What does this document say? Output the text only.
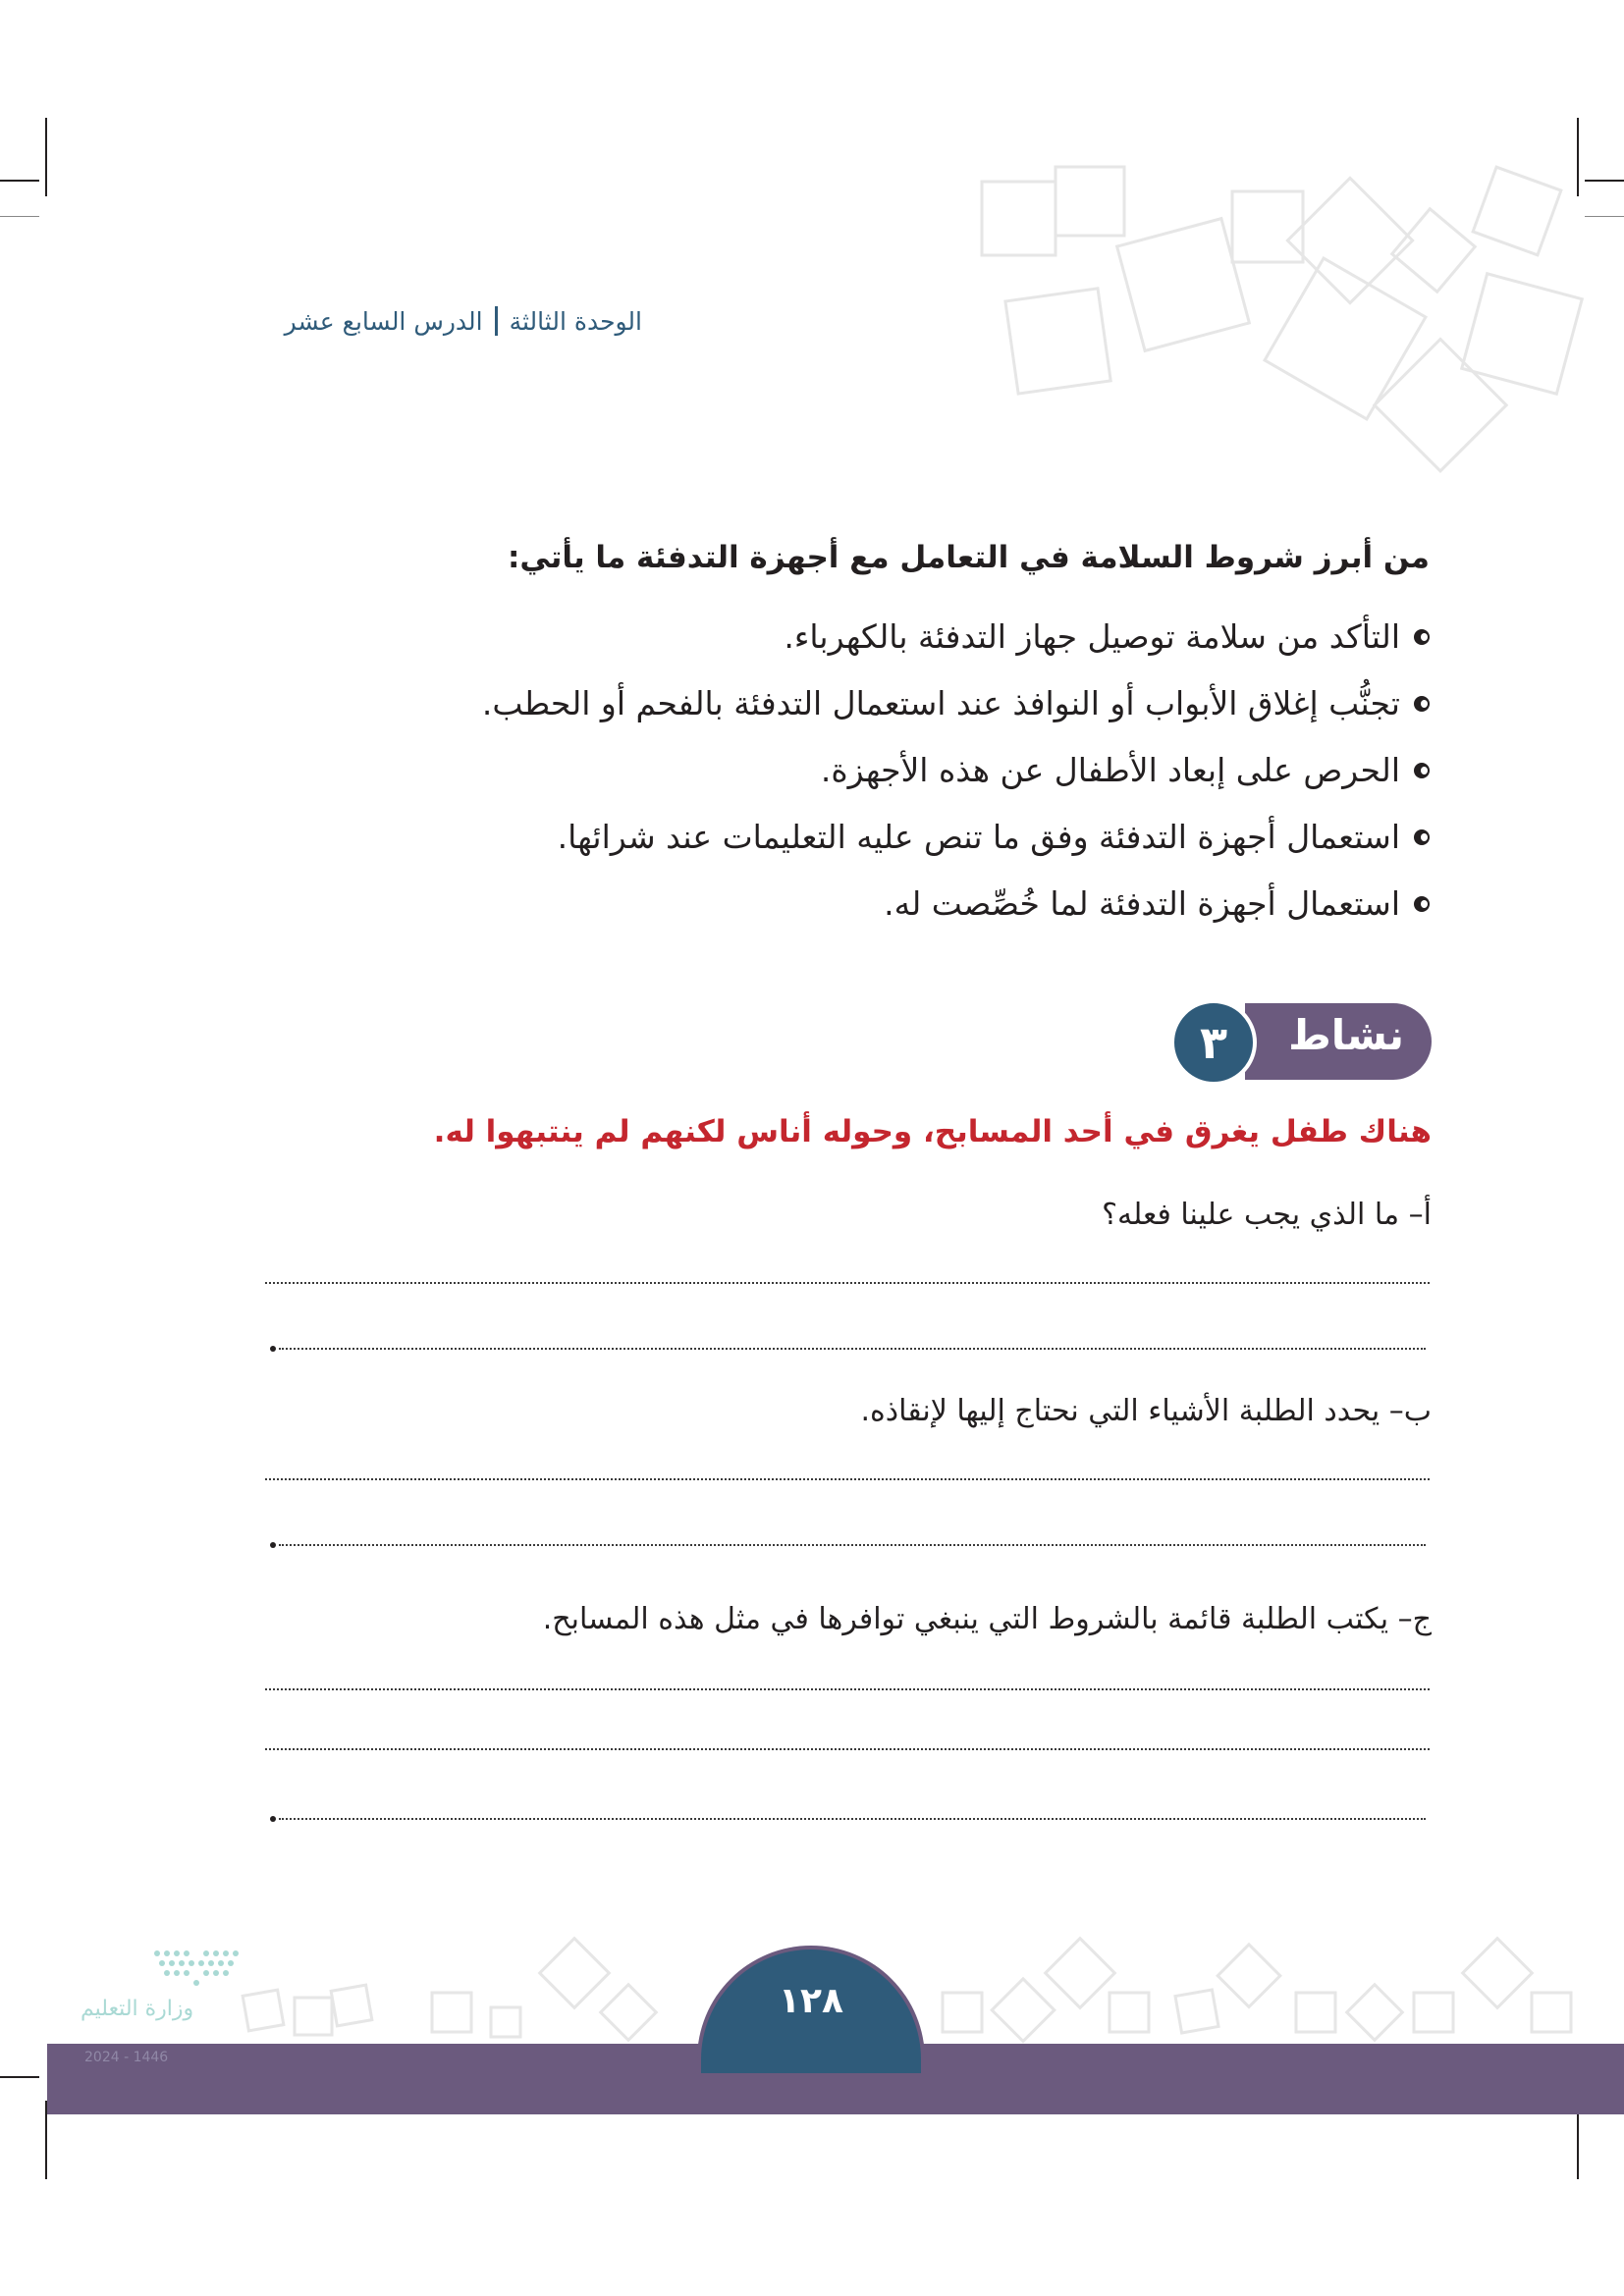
الوحدة الثالثة
الدرس السابع عشر
من أبرز شروط السلامة في التعامل مع أجهزة التدفئة ما يأتي:
التأكد من سلامة توصيل جهاز التدفئة بالكهرباء.
تجنُّب إغلاق الأبواب أو النوافذ عند استعمال التدفئة بالفحم أو الحطب.
الحرص على إبعاد الأطفال عن هذه الأجهزة.
استعمال أجهزة التدفئة وفق ما تنص عليه التعليمات عند شرائها.
استعمال أجهزة التدفئة لما خُصِّصت له.
نشاط
٣
هناك طفل يغرق في أحد المسابح، وحوله أناس لكنهم لم ينتبهوا له.
أ– ما الذي يجب علينا فعله؟
ب– يحدد الطلبة الأشياء التي نحتاج إليها لإنقاذه.
ج– يكتب الطلبة قائمة بالشروط التي ينبغي توافرها في مثل هذه المسابح.
١٢٨
وزارة التعليم
2024 - 1446
